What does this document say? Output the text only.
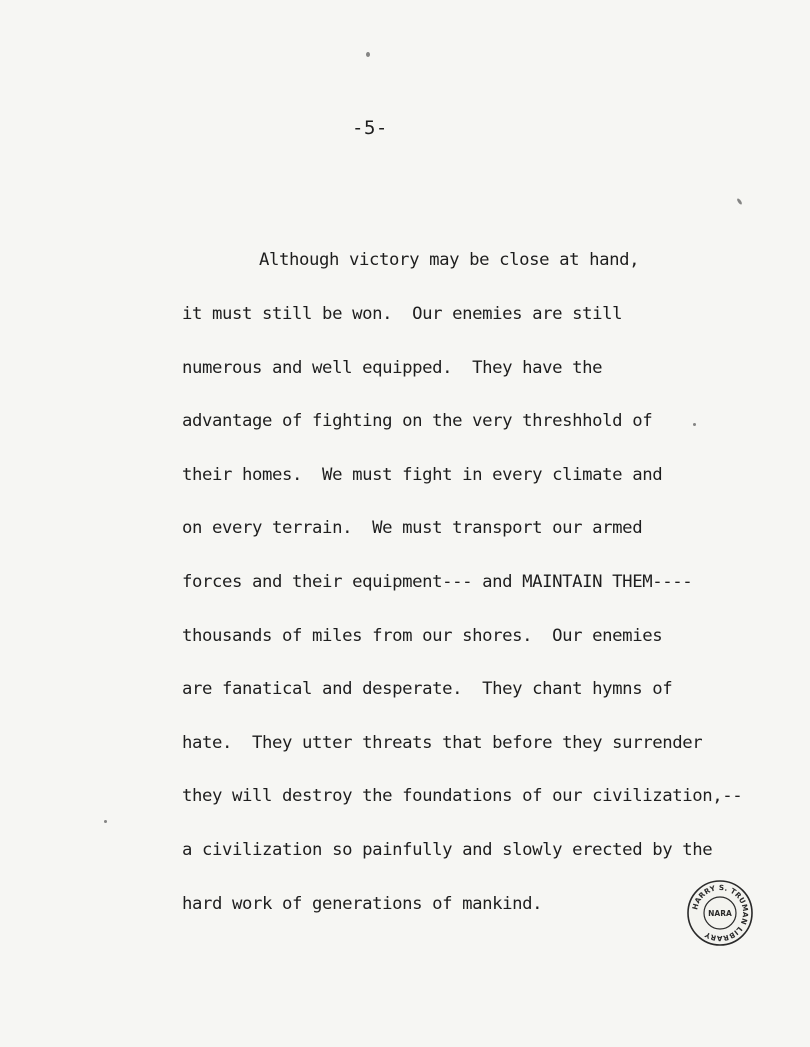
-5-
Although victory may be close at hand,
it must still be won.  Our enemies are still
numerous and well equipped.  They have the
advantage of fighting on the very threshhold of
their homes.  We must fight in every climate and
on every terrain.  We must transport our armed
forces and their equipment--- and MAINTAIN THEM----
thousands of miles from our shores.  Our enemies
are fanatical and desperate.  They chant hymns of
hate.  They utter threats that before they surrender
they will destroy the foundations of our civilization,--
a civilization so painfully and slowly erected by the
hard work of generations of mankind.	HARRY S. TRUMAN LIBRARY
NARA
